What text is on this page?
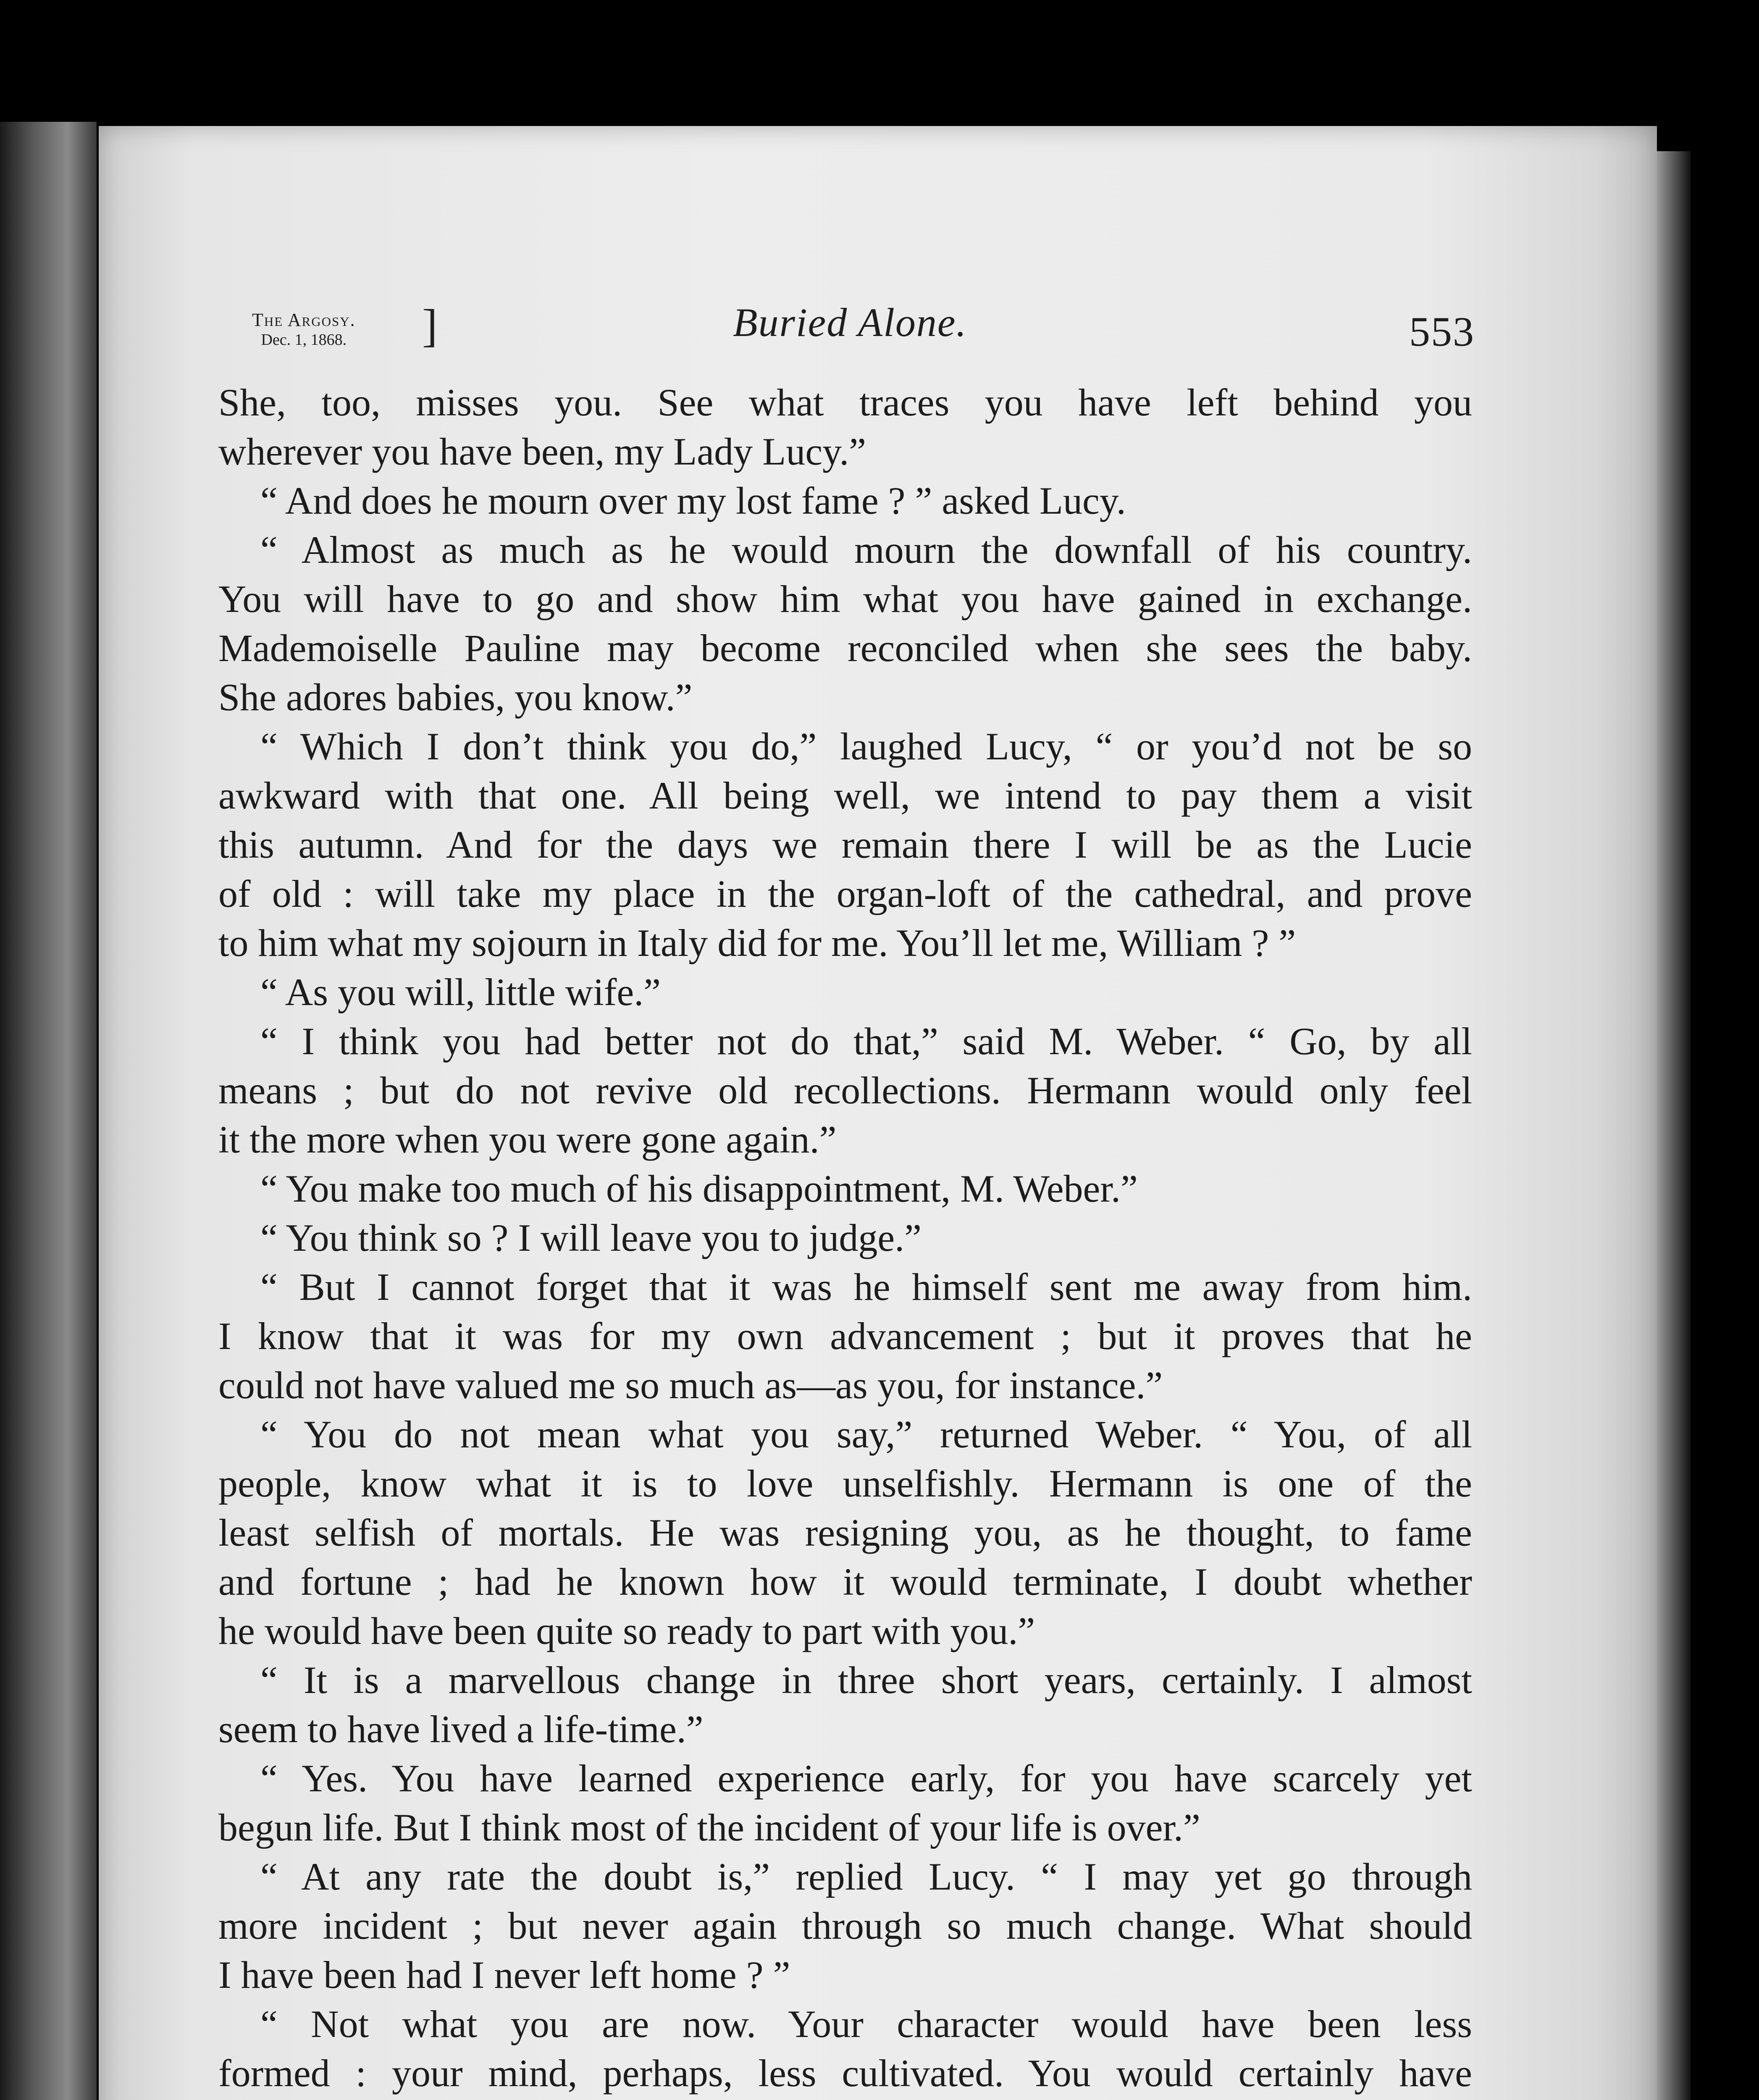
The Argosy.
Dec. 1, 1868. ]	Buried Alone.	553
She, too, misses you. See what traces you have left behind you
wherever you have been, my Lady Lucy.”
“ And does he mourn over my lost fame ? ” asked Lucy.
“ Almost as much as he would mourn the downfall of his country.
You will have to go and show him what you have gained in exchange.
Mademoiselle Pauline may become reconciled when she sees the baby.
She adores babies, you know.”
“ Which I don’t think you do,” laughed Lucy, “ or you’d not be so
awkward with that one. All being well, we intend to pay them a visit
this autumn. And for the days we remain there I will be as the Lucie
of old : will take my place in the organ-loft of the cathedral, and prove
to him what my sojourn in Italy did for me. You’ll let me, William ? ”
“ As you will, little wife.”
“ I think you had better not do that,” said M. Weber. “ Go, by all
means ; but do not revive old recollections. Hermann would only feel
it the more when you were gone again.”
“ You make too much of his disappointment, M. Weber.”
“ You think so ? I will leave you to judge.”
“ But I cannot forget that it was he himself sent me away from him.
I know that it was for my own advancement ; but it proves that he
could not have valued me so much as—as you, for instance.”
“ You do not mean what you say,” returned Weber. “ You, of all
people, know what it is to love unselfishly. Hermann is one of the
least selfish of mortals. He was resigning you, as he thought, to fame
and fortune ; had he known how it would terminate, I doubt whether
he would have been quite so ready to part with you.”
“ It is a marvellous change in three short years, certainly. I almost
seem to have lived a life-time.”
“ Yes. You have learned experience early, for you have scarcely yet
begun life. But I think most of the incident of your life is over.”
“ At any rate the doubt is,” replied Lucy. “ I may yet go through
more incident ; but never again through so much change. What should
I have been had I never left home ? ”
“ Not what you are now. Your character would have been less
formed : your mind, perhaps, less cultivated. You would certainly have
